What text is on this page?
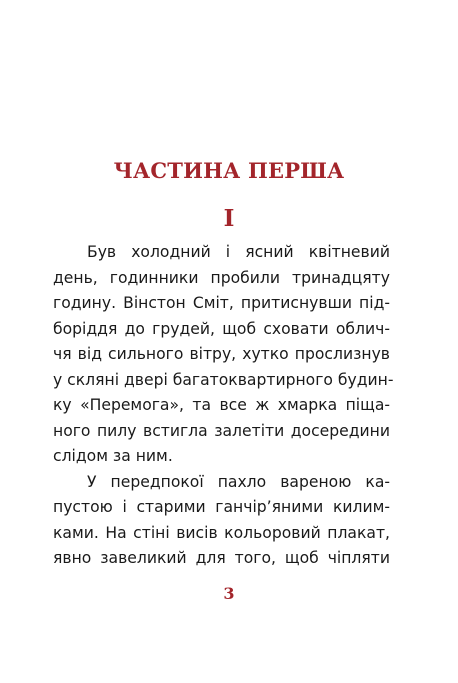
ЧАСТИНА ПЕРША
I
Був холодний і ясний квітневий
день, годинники пробили тринадцяту
годину. Вінстон Сміт, притиснувши під-
боріддя до грудей, щоб сховати облич-
чя від сильного вітру, хутко прослизнув
у скляні двері багатоквартирного будин-
ку «Перемога», та все ж хмарка піща-
ного пилу встигла залетіти досередини
слідом за ним.
У передпокої пахло вареною ка-
пустою і старими ганчір’яними килим-
ками. На стіні висів кольоровий плакат,
явно завеликий для того, щоб чіпляти
3
